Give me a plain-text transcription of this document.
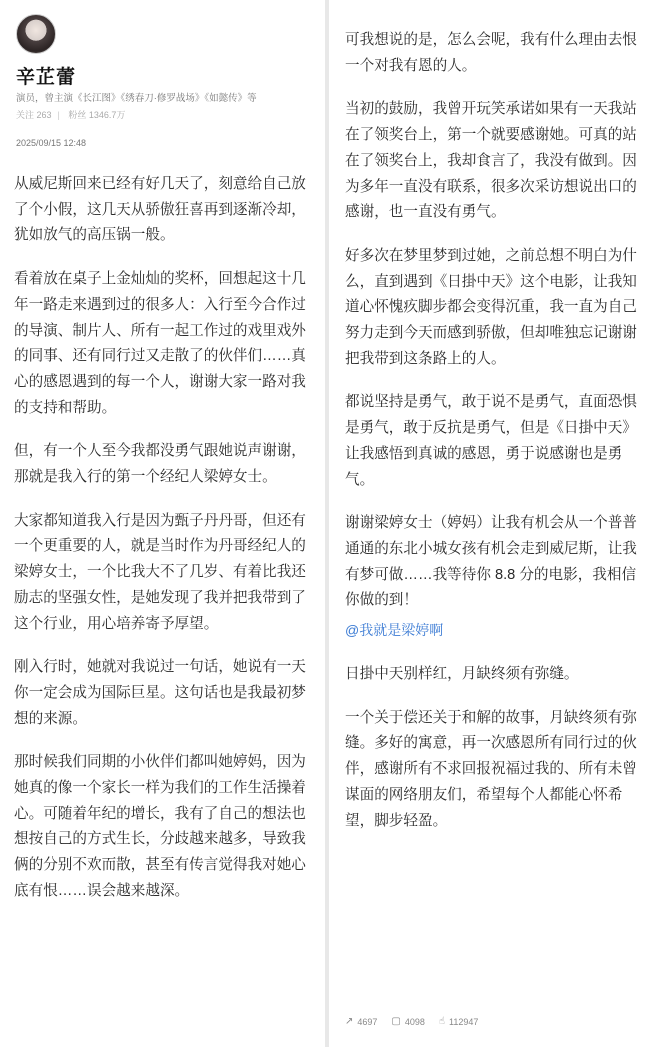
辛芷蕾
演员，曾主演《长江图》《绣春刀·修罗战场》《如懿传》等
关注 263 | 粉丝 1346.7万
2025/09/15 12:48

从威尼斯回来已经有好几天了，刻意给自己放了个小假，这几天从骄傲狂喜再到逐渐冷却，犹如放气的高压锅一般。

看着放在桌子上金灿灿的奖杯，回想起这十几年一路走来遇到过的很多人：入行至今合作过的导演、制片人、所有一起工作过的戏里戏外的同事、还有同行过又走散了的伙伴们……真心的感恩遇到的每一个人，谢谢大家一路对我的支持和帮助。

但，有一个人至今我都没勇气跟她说声谢谢，那就是我入行的第一个经纪人梁婷女士。

大家都知道我入行是因为甄子丹丹哥，但还有一个更重要的人，就是当时作为丹哥经纪人的梁婷女士，一个比我大不了几岁、有着比我还励志的坚强女性，是她发现了我并把我带到了这个行业，用心培养寄予厚望。

刚入行时，她就对我说过一句话，她说有一天你一定会成为国际巨星。这句话也是我最初梦想的来源。

那时候我们同期的小伙伴们都叫她婷妈，因为她真的像一个家长一样为我们的工作生活操着心。可随着年纪的增长，我有了自己的想法也想按自己的方式生长，分歧越来越多，导致我俩的分别不欢而散，甚至有传言觉得我对她心底有恨……误会越来越深。

可我想说的是，怎么会呢，我有什么理由去恨一个对我有恩的人。

当初的鼓励，我曾开玩笑承诺如果有一天我站在了领奖台上，第一个就要感谢她。可真的站在了领奖台上，我却食言了，我没有做到。因为多年一直没有联系，很多次采访想说出口的感谢，也一直没有勇气。

好多次在梦里梦到过她，之前总想不明白为什么，直到遇到《日掛中天》这个电影，让我知道心怀愧疚脚步都会变得沉重，我一直为自己努力走到今天而感到骄傲，但却唯独忘记谢谢把我带到这条路上的人。

都说坚持是勇气，敢于说不是勇气，直面恐惧是勇气，敢于反抗是勇气，但是《日掛中天》让我感悟到真诚的感恩，勇于说感谢也是勇气。

谢谢梁婷女士（婷妈）让我有机会从一个普普通通的东北小城女孩有机会走到威尼斯，让我有梦可做……我等待你 8.8 分的电影，我相信你做的到！

@我就是梁婷啊

日掛中天别样红，月缺终须有弥缝。

一个关于偿还关于和解的故事，月缺终须有弥缝。多好的寓意，再一次感恩所有同行过的伙伴，感谢所有不求回报祝福过我的、所有未曾谋面的网络朋友们，希望每个人都能心怀希望，脚步轻盈。

↗ 4697 ▢ 4098 ☝ 112947
